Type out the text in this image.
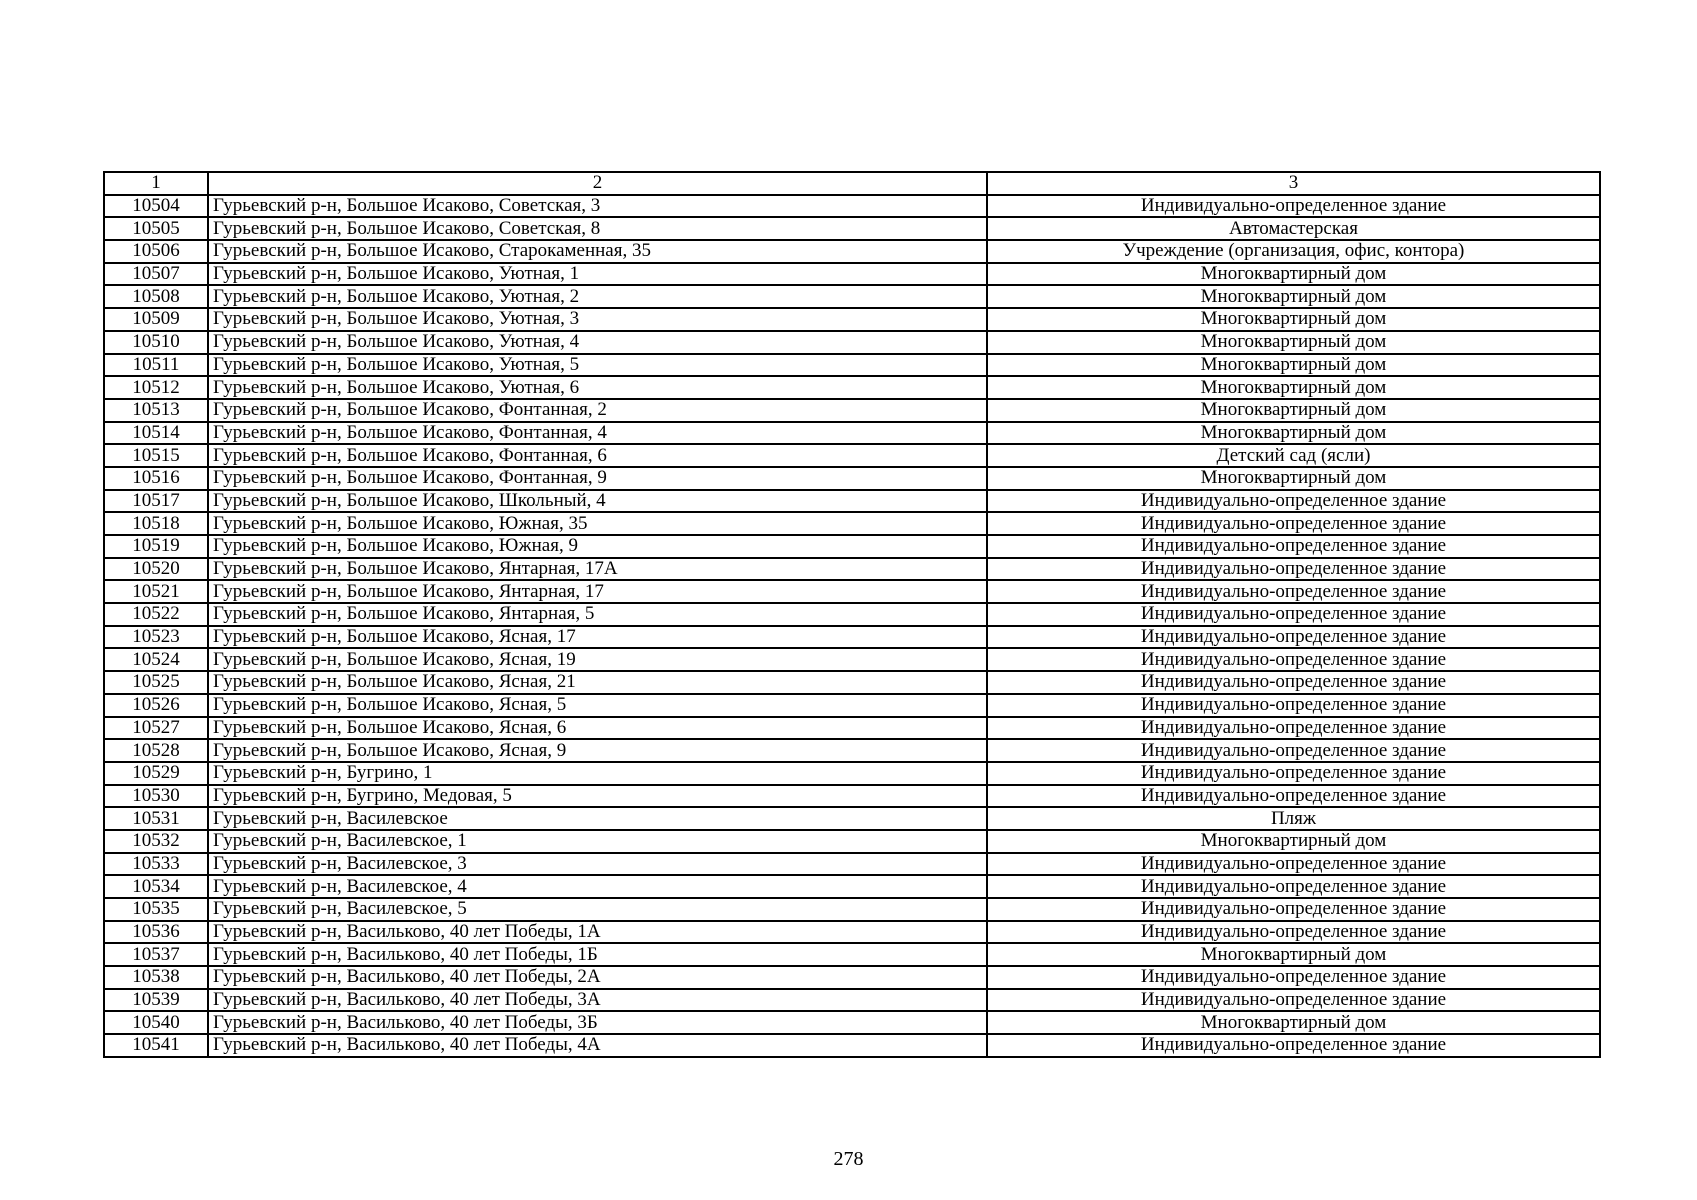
1	2	3
10504	Гурьевский р-н, Большое Исаково, Советская, 3	Индивидуально-определенное здание
10505	Гурьевский р-н, Большое Исаково, Советская, 8	Автомастерская
10506	Гурьевский р-н, Большое Исаково, Старокаменная, 35	Учреждение (организация, офис, контора)
10507	Гурьевский р-н, Большое Исаково, Уютная, 1	Многоквартирный дом
10508	Гурьевский р-н, Большое Исаково, Уютная, 2	Многоквартирный дом
10509	Гурьевский р-н, Большое Исаково, Уютная, 3	Многоквартирный дом
10510	Гурьевский р-н, Большое Исаково, Уютная, 4	Многоквартирный дом
10511	Гурьевский р-н, Большое Исаково, Уютная, 5	Многоквартирный дом
10512	Гурьевский р-н, Большое Исаково, Уютная, 6	Многоквартирный дом
10513	Гурьевский р-н, Большое Исаково, Фонтанная, 2	Многоквартирный дом
10514	Гурьевский р-н, Большое Исаково, Фонтанная, 4	Многоквартирный дом
10515	Гурьевский р-н, Большое Исаково, Фонтанная, 6	Детский сад (ясли)
10516	Гурьевский р-н, Большое Исаково, Фонтанная, 9	Многоквартирный дом
10517	Гурьевский р-н, Большое Исаково, Школьный, 4	Индивидуально-определенное здание
10518	Гурьевский р-н, Большое Исаково, Южная, 35	Индивидуально-определенное здание
10519	Гурьевский р-н, Большое Исаково, Южная, 9	Индивидуально-определенное здание
10520	Гурьевский р-н, Большое Исаково, Янтарная, 17А	Индивидуально-определенное здание
10521	Гурьевский р-н, Большое Исаково, Янтарная, 17	Индивидуально-определенное здание
10522	Гурьевский р-н, Большое Исаково, Янтарная, 5	Индивидуально-определенное здание
10523	Гурьевский р-н, Большое Исаково, Ясная, 17	Индивидуально-определенное здание
10524	Гурьевский р-н, Большое Исаково, Ясная, 19	Индивидуально-определенное здание
10525	Гурьевский р-н, Большое Исаково, Ясная, 21	Индивидуально-определенное здание
10526	Гурьевский р-н, Большое Исаково, Ясная, 5	Индивидуально-определенное здание
10527	Гурьевский р-н, Большое Исаково, Ясная, 6	Индивидуально-определенное здание
10528	Гурьевский р-н, Большое Исаково, Ясная, 9	Индивидуально-определенное здание
10529	Гурьевский р-н, Бугрино, 1	Индивидуально-определенное здание
10530	Гурьевский р-н, Бугрино, Медовая, 5	Индивидуально-определенное здание
10531	Гурьевский р-н, Василевское	Пляж
10532	Гурьевский р-н, Василевское, 1	Многоквартирный дом
10533	Гурьевский р-н, Василевское, 3	Индивидуально-определенное здание
10534	Гурьевский р-н, Василевское, 4	Индивидуально-определенное здание
10535	Гурьевский р-н, Василевское, 5	Индивидуально-определенное здание
10536	Гурьевский р-н, Васильково, 40 лет Победы, 1А	Индивидуально-определенное здание
10537	Гурьевский р-н, Васильково, 40 лет Победы, 1Б	Многоквартирный дом
10538	Гурьевский р-н, Васильково, 40 лет Победы, 2А	Индивидуально-определенное здание
10539	Гурьевский р-н, Васильково, 40 лет Победы, 3А	Индивидуально-определенное здание
10540	Гурьевский р-н, Васильково, 40 лет Победы, 3Б	Многоквартирный дом
10541	Гурьевский р-н, Васильково, 40 лет Победы, 4А	Индивидуально-определенное здание
278
